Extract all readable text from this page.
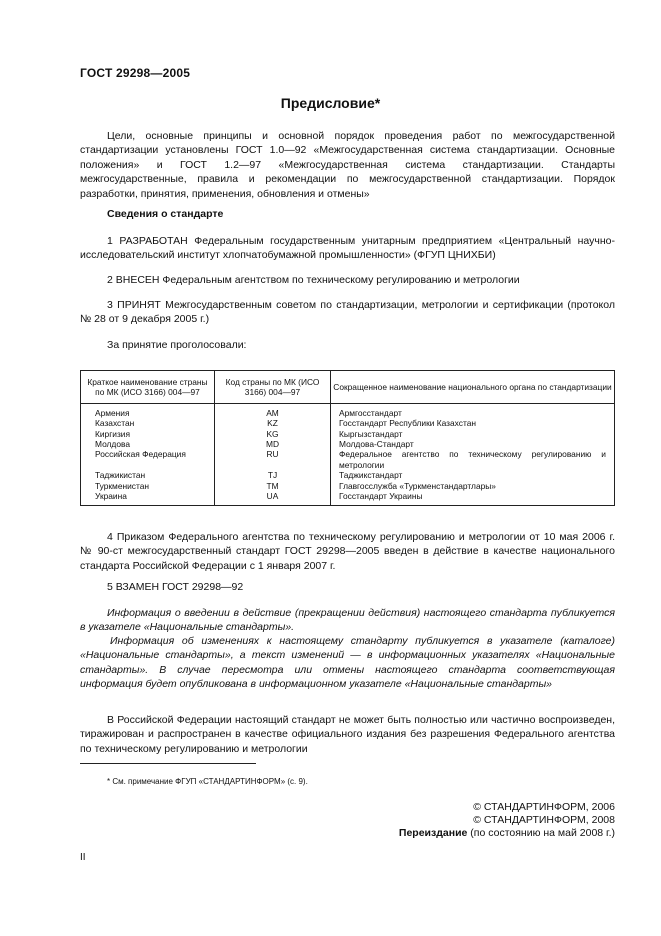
ГОСТ 29298—2005
Предисловие*
Цели, основные принципы и основной порядок проведения работ по межгосударственной стандартизации установлены ГОСТ 1.0—92 «Межгосударственная система стандартизации. Основные положения» и ГОСТ 1.2—97 «Межгосударственная система стандартизации. Стандарты межгосударственные, правила и рекомендации по межгосударственной стандартизации. Порядок разработки, принятия, применения, обновления и отмены»
Сведения о стандарте
1 РАЗРАБОТАН Федеральным государственным унитарным предприятием «Центральный научно-исследовательский институт хлопчатобумажной промышленности» (ФГУП ЦНИХБИ)
2 ВНЕСЕН Федеральным агентством по техническому регулированию и метрологии
3 ПРИНЯТ Межгосударственным советом по стандартизации, метрологии и сертификации (протокол № 28 от 9 декабря 2005 г.)
За принятие проголосовали:
Краткое наименование страны по МК (ИСО 3166) 004—97	Код страны по МК (ИСО 3166) 004—97	Сокращенное наименование национального органа по стандартизации
Армения	AM	Армгосстандарт
Казахстан	KZ	Госстандарт Республики Казахстан
Киргизия	KG	Кыргызстандарт
Молдова	MD	Молдова-Стандарт
Российская Федерация	RU	Федеральное агентство по техническому регулированию и метрологии
Таджикистан	TJ	Таджикстандарт
Туркменистан	TM	Главгосслужба «Туркменстандартлары»
Украина	UA	Госстандарт Украины
4 Приказом Федерального агентства по техническому регулированию и метрологии от 10 мая 2006 г. № 90-ст межгосударственный стандарт ГОСТ 29298—2005 введен в действие в качестве национального стандарта Российской Федерации с 1 января 2007 г.
5 ВЗАМЕН ГОСТ 29298—92
Информация о введении в действие (прекращении действия) настоящего стандарта публикуется в указателе «Национальные стандарты».
Информация об изменениях к настоящему стандарту публикуется в указателе (каталоге) «Национальные стандарты», а текст изменений — в информационных указателях «Национальные стандарты». В случае пересмотра или отмены настоящего стандарта соответствующая информация будет опубликована в информационном указателе «Национальные стандарты»
В Российской Федерации настоящий стандарт не может быть полностью или частично воспроизведен, тиражирован и распространен в качестве официального издания без разрешения Федерального агентства по техническому регулированию и метрологии
* См. примечание ФГУП «СТАНДАРТИНФОРМ» (с. 9).
© СТАНДАРТИНФОРМ, 2006
© СТАНДАРТИНФОРМ, 2008
Переиздание (по состоянию на май 2008 г.)
II
